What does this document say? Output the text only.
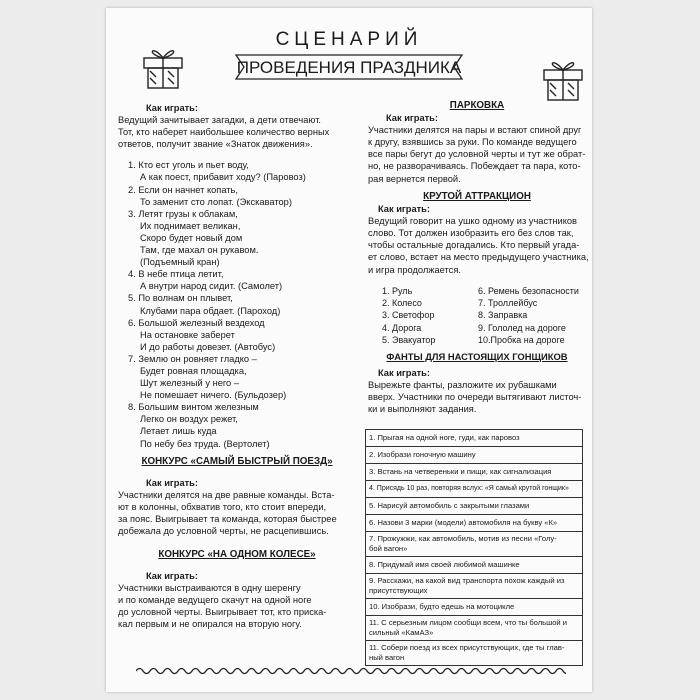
СЦЕНАРИЙ
ПРОВЕДЕНИЯ ПРАЗДНИКА
Как играть:
Ведущий зачитывает загадки, а дети отвечают.
Тот, кто наберет наибольшее количество верных
ответов, получит звание «Знаток движения».
1. Кто ест уголь и пьет воду,
А как поест, прибавит ходу? (Паровоз)
2. Если он начнет копать,
То заменит сто лопат. (Экскаватор)
3. Летят грузы к облакам,
Их поднимает великан,
Скоро будет новый дом
Там, где махал он рукавом.
(Подъемный кран)
4. В небе птица летит,
А внутри народ сидит. (Самолет)
5. По волнам он плывет,
Клубами пара обдает. (Пароход)
6. Большой железный вездеход
На остановке заберет
И до работы довезет. (Автобус)
7. Землю он ровняет гладко –
Будет ровная площадка,
Шут железный у него –
Не помешает ничего. (Бульдозер)
8. Большим винтом железным
Легко он воздух режет,
Летает лишь куда
По небу без труда. (Вертолет)
КОНКУРС «САМЫЙ БЫСТРЫЙ ПОЕЗД»
Как играть:
Участники делятся на две равные команды. Вста-
ют в колонны, обхватив того, кто стоит впереди,
за пояс. Выигрывает та команда, которая быстрее
добежала до условной черты, не расцепившись.
КОНКУРС «НА ОДНОМ КОЛЕСЕ»
Как играть:
Участники выстраиваются в одну шеренгу
и по команде ведущего скачут на одной ноге
до условной черты. Выигрывает тот, кто приска-
кал первым и не опирался на вторую ногу.
ПАРКОВКА
Как играть:
Участники делятся на пары и встают спиной друг
к другу, взявшись за руки. По команде ведущего
все пары бегут до условной черты и тут же обрат-
но, не разворачиваясь. Побеждает та пара, кото-
рая вернется первой.
КРУТОЙ АТТРАКЦИОН
Как играть:
Ведущий говорит на ушко одному из участников
слово. Тот должен изобразить его без слов так,
чтобы остальные догадались. Кто первый угада-
ет слово, встает на место предыдущего участника,
и игра продолжается.
1. Руль
2. Колесо
3. Светофор
4. Дорога
5. Эвакуатор
6. Ремень безопасности
7. Троллейбус
8. Заправка
9. Гололед на дороге
10.Пробка на дороге
ФАНТЫ ДЛЯ НАСТОЯЩИХ ГОНЩИКОВ
Как играть:
Вырежьте фанты, разложите их рубашками
вверх. Участники по очереди вытягивают листоч-
ки и выполняют задания.
1. Прыгая на одной ноге, гуди, как паровоз
2. Изобрази гоночную машину
3. Встань на четвереньки и пищи, как сигнализация
4. Присядь 10 раз, повторяя вслух: «Я самый крутой гонщик»
5. Нарисуй автомобиль с закрытыми глазами
6. Назови 3 марки (модели) автомобиля на букву «К»
7. Прожужжи, как автомобиль, мотив из песни «Голу-
бой вагон»
8. Придумай имя своей любимой машинке
9. Расскажи, на какой вид транспорта похож каждый из
присутствующих
10. Изобрази, будто едешь на мотоцикле
11. С серьезным лицом сообщи всем, что ты большой и
сильный «КамАЗ»
11. Собери поезд из всех присутствующих, где ты глав-
ный вагон
